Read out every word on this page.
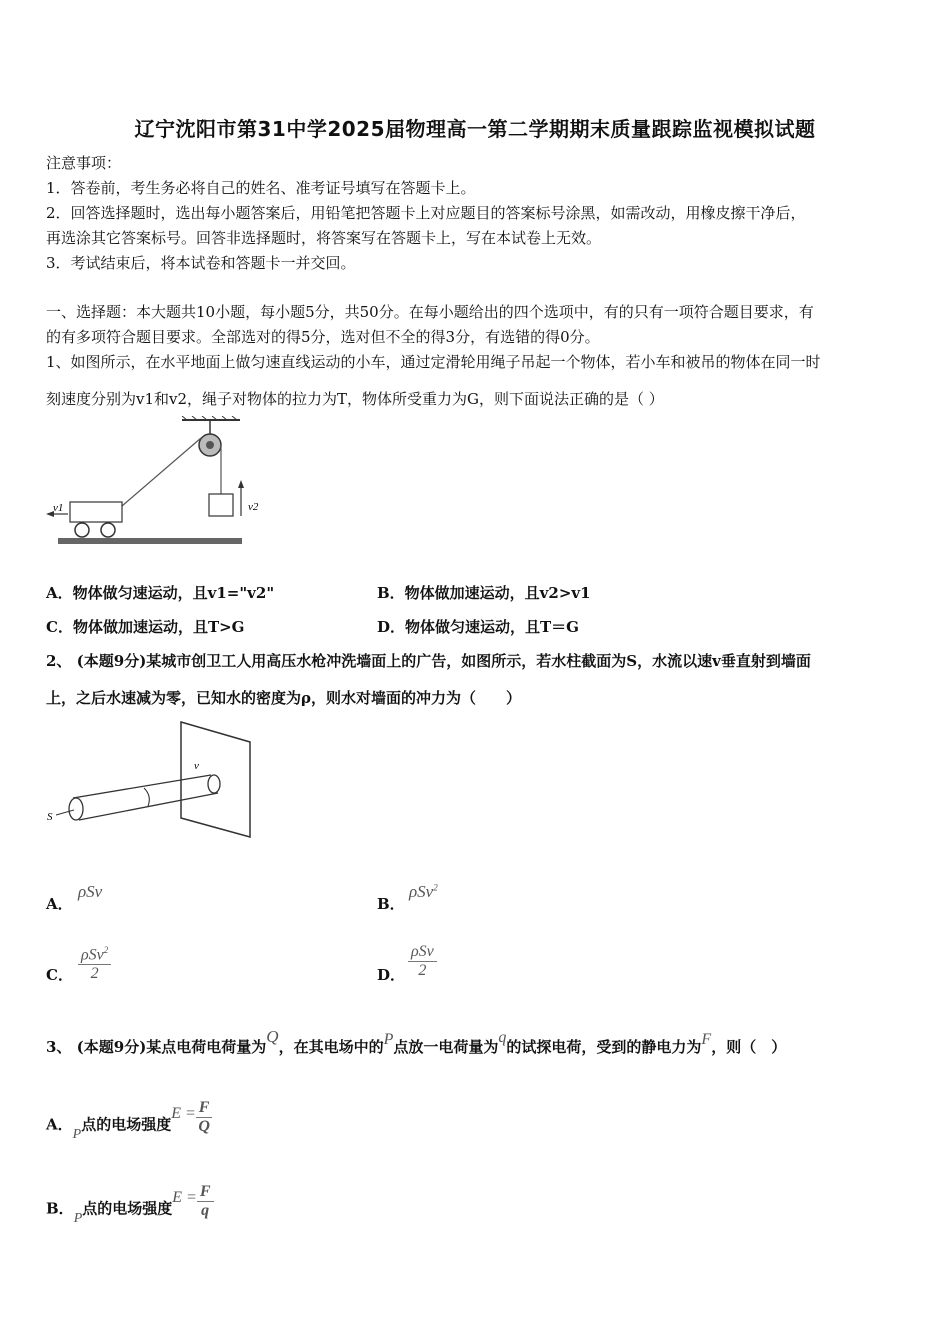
辽宁沈阳市第31中学2025届物理高一第二学期期末质量跟踪监视模拟试题
注意事项：
1．答卷前，考生务必将自己的姓名、准考证号填写在答题卡上。
2．回答选择题时，选出每小题答案后，用铅笔把答题卡上对应题目的答案标号涂黑，如需改动，用橡皮擦干净后，
再选涂其它答案标号。回答非选择题时，将答案写在答题卡上，写在本试卷上无效。
3．考试结束后，将本试卷和答题卡一并交回。
一、选择题：本大题共10小题，每小题5分，共50分。在每小题给出的四个选项中，有的只有一项符合题目要求，有
的有多项符合题目要求。全部选对的得5分，选对但不全的得3分，有选错的得0分。
1、如图所示，在水平地面上做匀速直线运动的小车，通过定滑轮用绳子吊起一个物体，若小车和被吊的物体在同一时
刻速度分别为v1和v2，绳子对物体的拉力为T，物体所受重力为G，则下面说法正确的是（ ）
v2
v1
A．物体做匀速运动，且v1="v2"	B．物体做加速运动，且v2>v1
C．物体做加速运动，且T>G	D．物体做匀速运动，且T＝G
2、 (本题9分)某城市创卫工人用高压水枪冲洗墙面上的广告，如图所示，若水柱截面为S，水流以速v垂直射到墙面
上，之后水速减为零，已知水的密度为ρ，则水对墙面的冲力为（　　）
S
v
A．
ρSv
B．
ρSv$^2$
C． $\frac{\rho Sv^2}{2}$	D． $\frac{\text{ρSv}}{2}$
3、 (本题9分)某点电荷电荷量为Q，在其电场中的P点放一电荷量为q的试探电荷，受到的静电力为F，则（　）
A．P点的电场强度$E = \frac{F}{Q}$
B．P点的电场强度$E = \frac{F}{q}$
